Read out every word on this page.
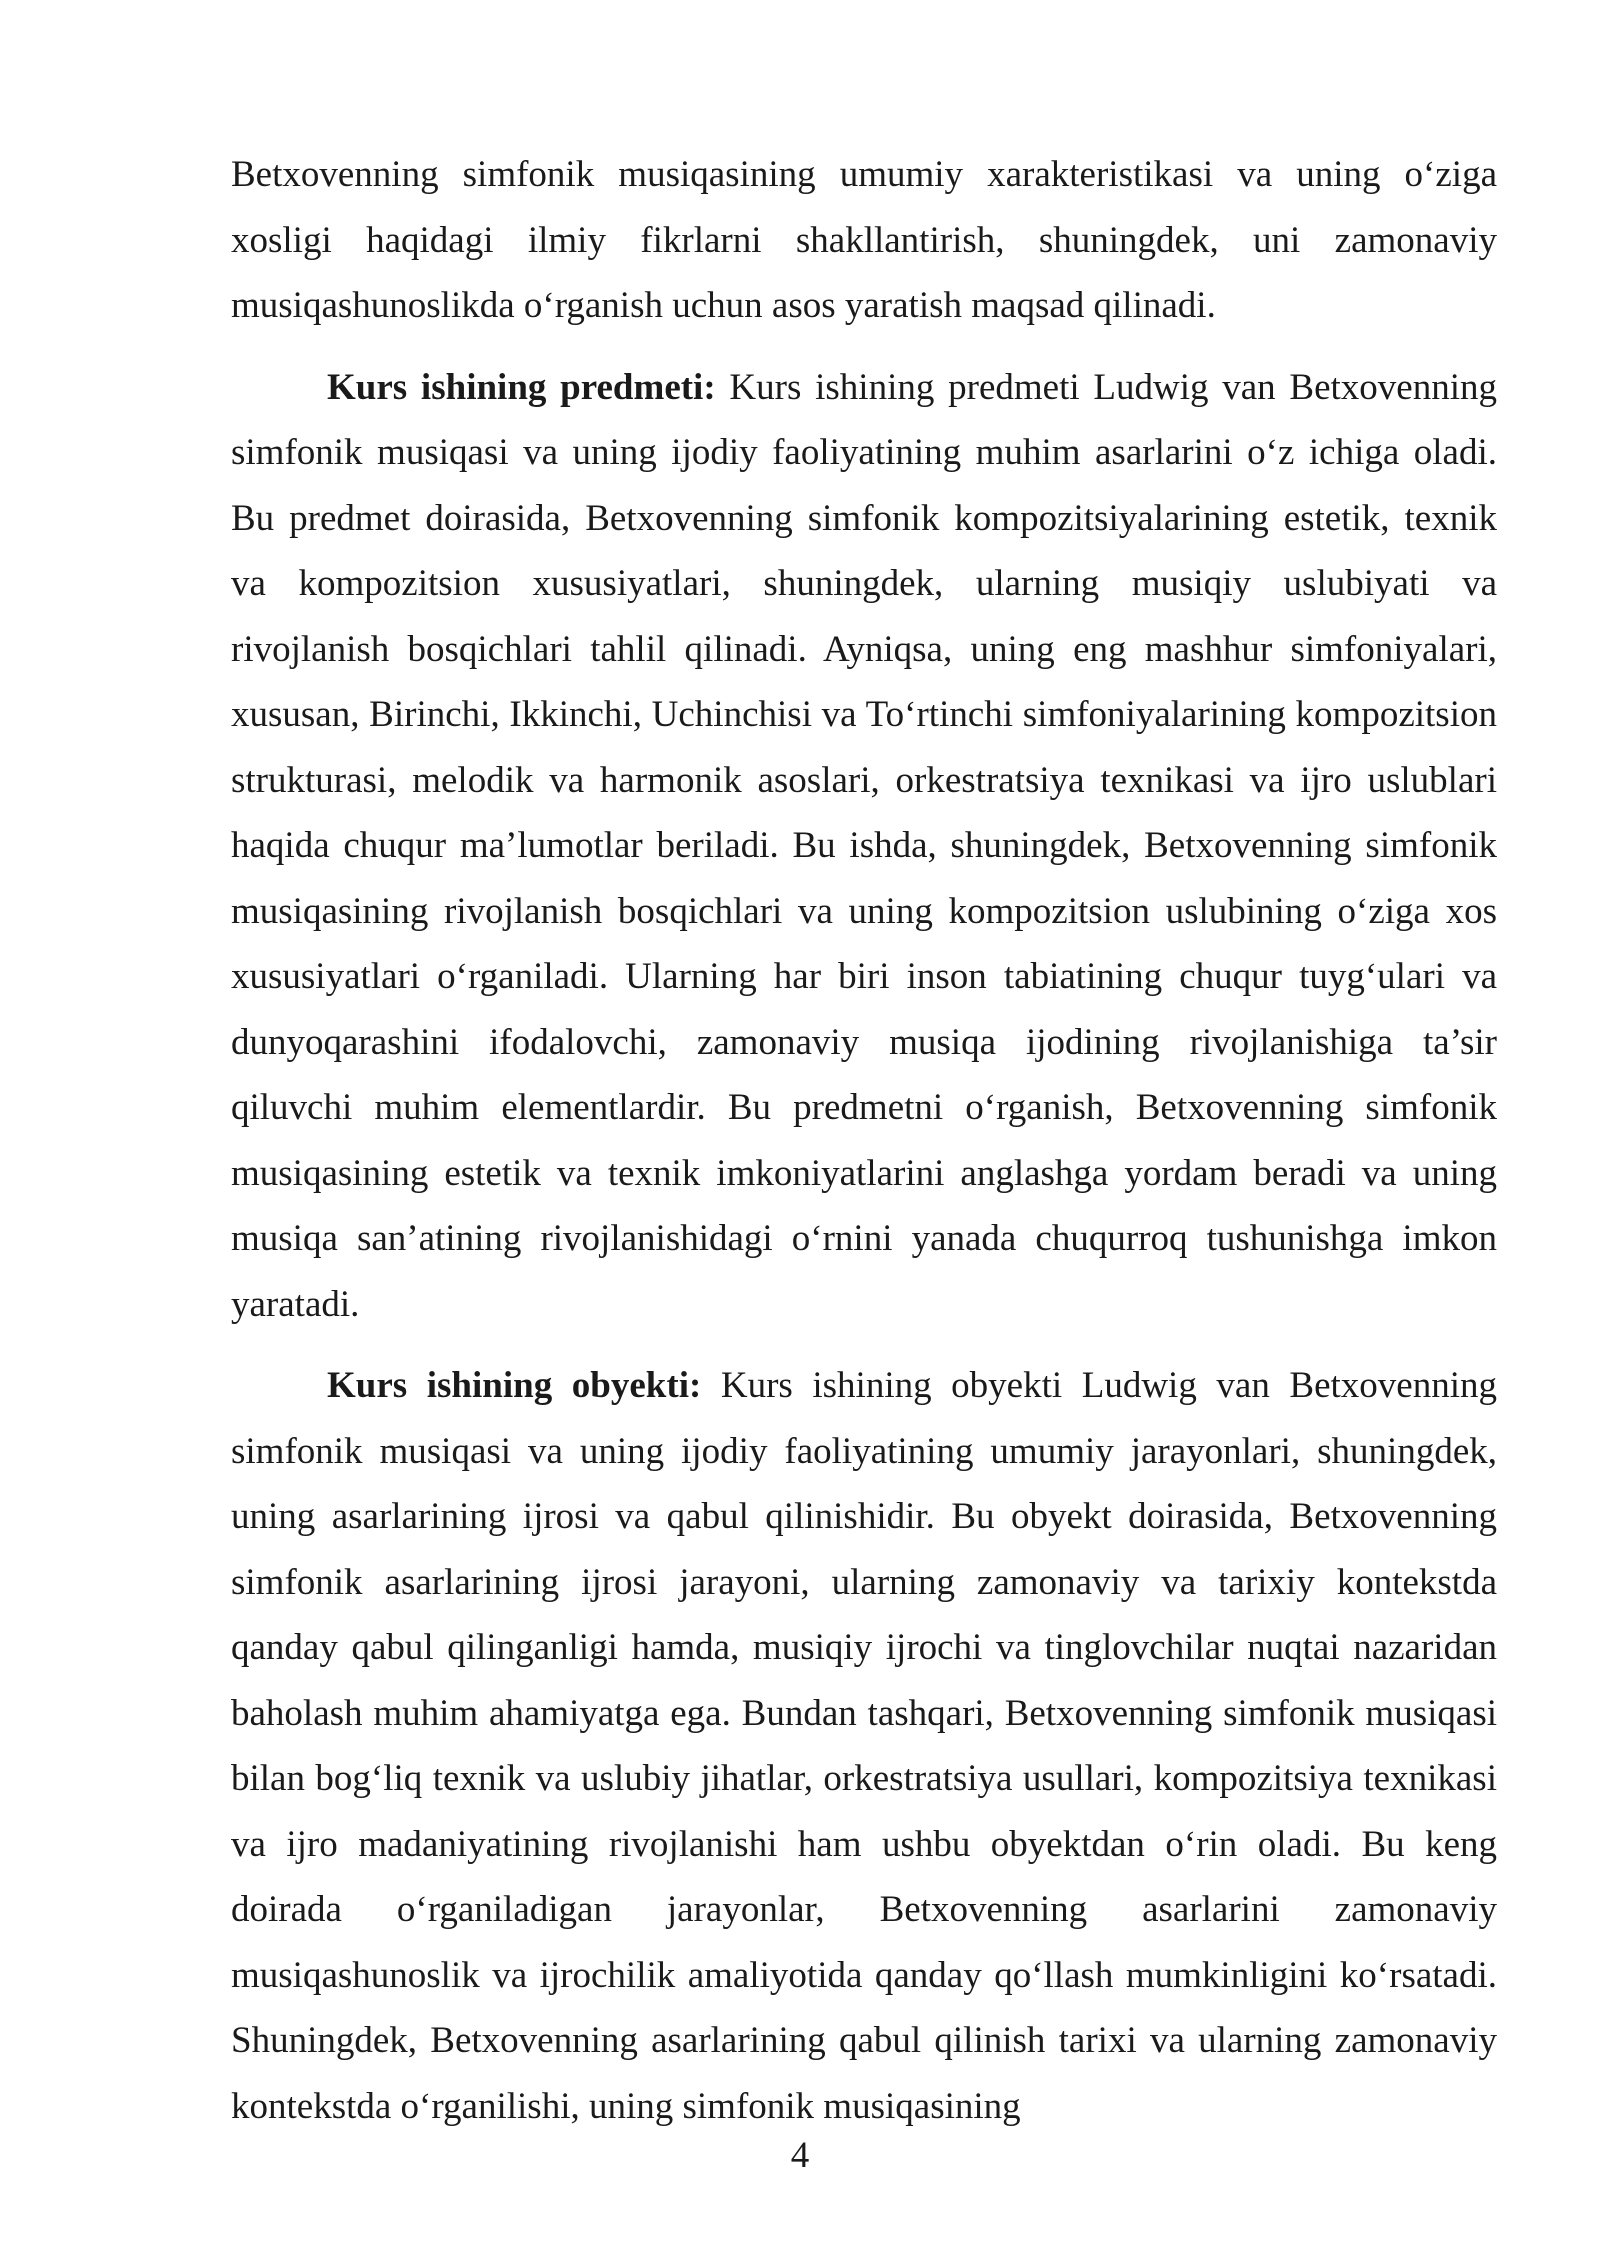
Betxovenning simfonik musiqasining umumiy xarakteristikasi va uning o‘ziga xosligi haqidagi ilmiy fikrlarni shakllantirish, shuningdek, uni zamonaviy musiqashunoslikda o‘rganish uchun asos yaratish maqsad qilinadi.

Kurs ishining predmeti: Kurs ishining predmeti Ludwig van Betxovenning simfonik musiqasi va uning ijodiy faoliyatining muhim asarlarini o‘z ichiga oladi. Bu predmet doirasida, Betxovenning simfonik kompozitsiyalarining estetik, texnik va kompozitsion xususiyatlari, shuningdek, ularning musiqiy uslubiyati va rivojlanish bosqichlari tahlil qilinadi. Ayniqsa, uning eng mashhur simfoniyalari, xususan, Birinchi, Ikkinchi, Uchinchisi va To‘rtinchi simfoniyalarining kompozitsion strukturasi, melodik va harmonik asoslari, orkestratsiya texnikasi va ijro uslublari haqida chuqur ma’lumotlar beriladi. Bu ishda, shuningdek, Betxovenning simfonik musiqasining rivojlanish bosqichlari va uning kompozitsion uslubining o‘ziga xos xususiyatlari o‘rganiladi. Ularning har biri inson tabiatining chuqur tuyg‘ulari va dunyoqarashini ifodalovchi, zamonaviy musiqa ijodining rivojlanishiga ta’sir qiluvchi muhim elementlardir. Bu predmetni o‘rganish, Betxovenning simfonik musiqasining estetik va texnik imkoniyatlarini anglashga yordam beradi va uning musiqa san’atining rivojlanishidagi o‘rnini yanada chuqurroq tushunishga imkon yaratadi.

Kurs ishining obyekti: Kurs ishining obyekti Ludwig van Betxovenning simfonik musiqasi va uning ijodiy faoliyatining umumiy jarayonlari, shuningdek, uning asarlarining ijrosi va qabul qilinishidir. Bu obyekt doirasida, Betxovenning simfonik asarlarining ijrosi jarayoni, ularning zamonaviy va tarixiy kontekstda qanday qabul qilinganligi hamda, musiqiy ijrochi va tinglovchilar nuqtai nazaridan baholash muhim ahamiyatga ega. Bundan tashqari, Betxovenning simfonik musiqasi bilan bog‘liq texnik va uslubiy jihatlar, orkestratsiya usullari, kompozitsiya texnikasi va ijro madaniyatining rivojlanishi ham ushbu obyektdan o‘rin oladi. Bu keng doirada o‘rganiladigan jarayonlar, Betxovenning asarlarini zamonaviy musiqashunoslik va ijrochilik amaliyotida qanday qo‘llash mumkinligini ko‘rsatadi. Shuningdek, Betxovenning asarlarining qabul qilinish tarixi va ularning zamonaviy kontekstda o‘rganilishi, uning simfonik musiqasining

4
